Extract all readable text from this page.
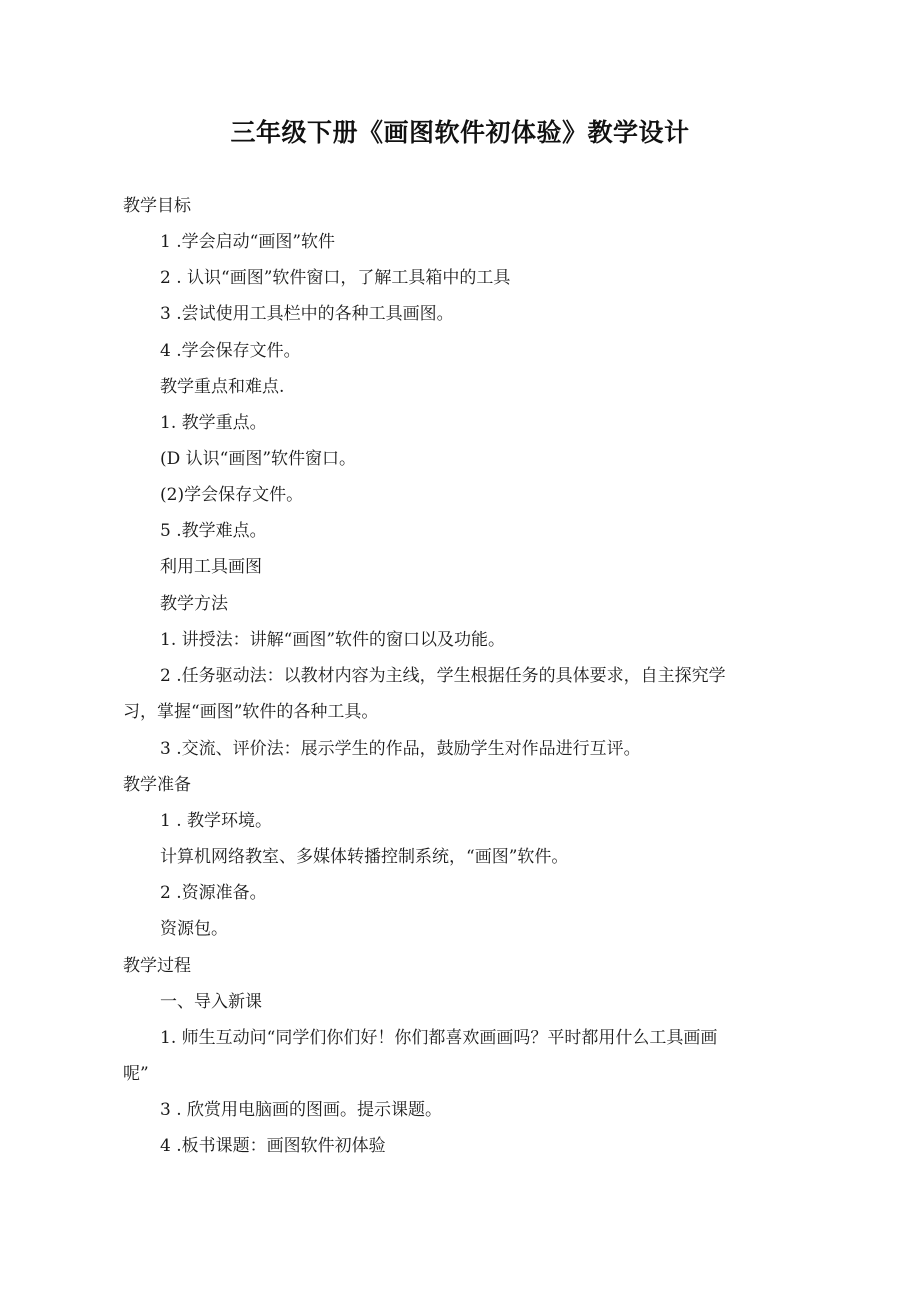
三年级下册《画图软件初体验》教学设计

教学目标

1 .学会启动“画图”软件

2 . 认识“画图”软件窗口，了解工具箱中的工具

3 .尝试使用工具栏中的各种工具画图。

4 .学会保存文件。

教学重点和难点.

1. 教学重点。

(D 认识“画图”软件窗口。

(2)学会保存文件。

5 .教学难点。

利用工具画图

教学方法

1. 讲授法：讲解“画图”软件的窗口以及功能。

2 .任务驱动法：以教材内容为主线，学生根据任务的具体要求，自主探究学

习，掌握“画图”软件的各种工具。

3 .交流、评价法：展示学生的作品，鼓励学生对作品进行互评。

教学准备

1 . 教学环境。

计算机网络教室、多媒体转播控制系统，“画图”软件。

2 .资源准备。

资源包。

教学过程

一、导入新课

1. 师生互动问“同学们你们好！你们都喜欢画画吗？平时都用什么工具画画

呢”

3 . 欣赏用电脑画的图画。提示课题。

4 .板书课题：画图软件初体验
